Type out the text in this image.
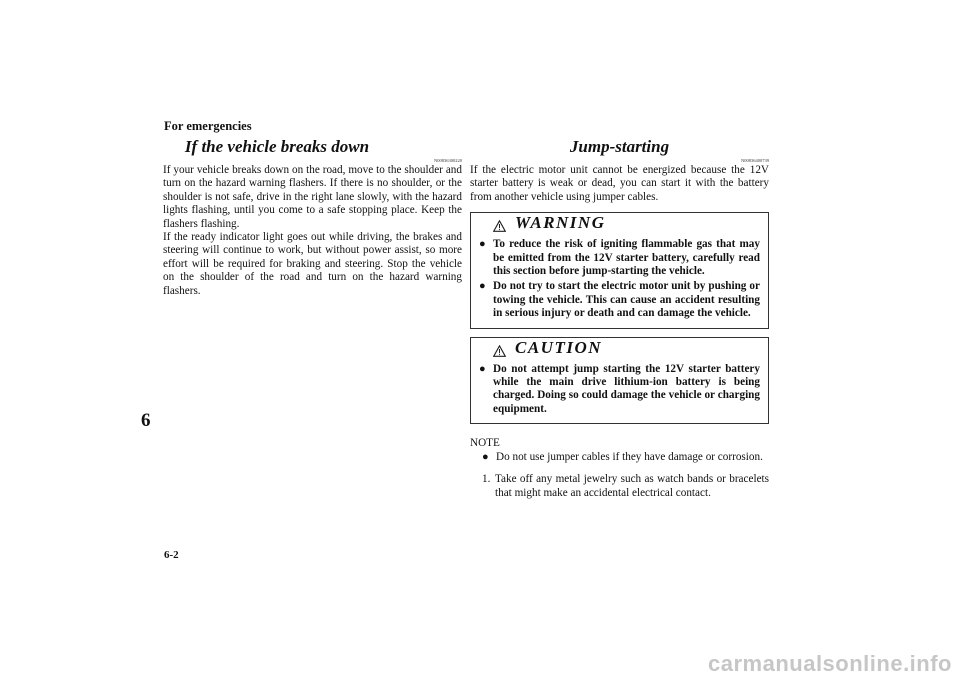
For emergencies
6
6-2
If the vehicle breaks down
N00836300220

If your vehicle breaks down on the road, move to the shoulder and turn on the hazard warning flashers. If there is no shoulder, or the shoulder is not safe, drive in the right lane slowly, with the hazard lights flashing, until you come to a safe stopping place. Keep the flashers flashing.

If the ready indicator light goes out while driving, the brakes and steering will continue to work, but without power assist, so more effort will be required for braking and steering. Stop the vehicle on the shoulder of the road and turn on the hazard warning flashers.

Jump-starting
N00836400739

If the electric motor unit cannot be energized because the 12V starter battery is weak or dead, you can start it with the battery from another vehicle using jumper cables.

WARNING
● To reduce the risk of igniting flammable gas that may be emitted from the 12V starter battery, carefully read this section before jump-starting the vehicle.
● Do not try to start the electric motor unit by pushing or towing the vehicle. This can cause an accident resulting in serious injury or death and can damage the vehicle.
CAUTION
● Do not attempt jump starting the 12V starter battery while the main drive lithium-ion battery is being charged. Doing so could damage the vehicle or charging equipment.
NOTE
● Do not use jumper cables if they have damage or corrosion.
1. Take off any metal jewelry such as watch bands or bracelets that might make an accidental electrical contact.
carmanualsonline.info
